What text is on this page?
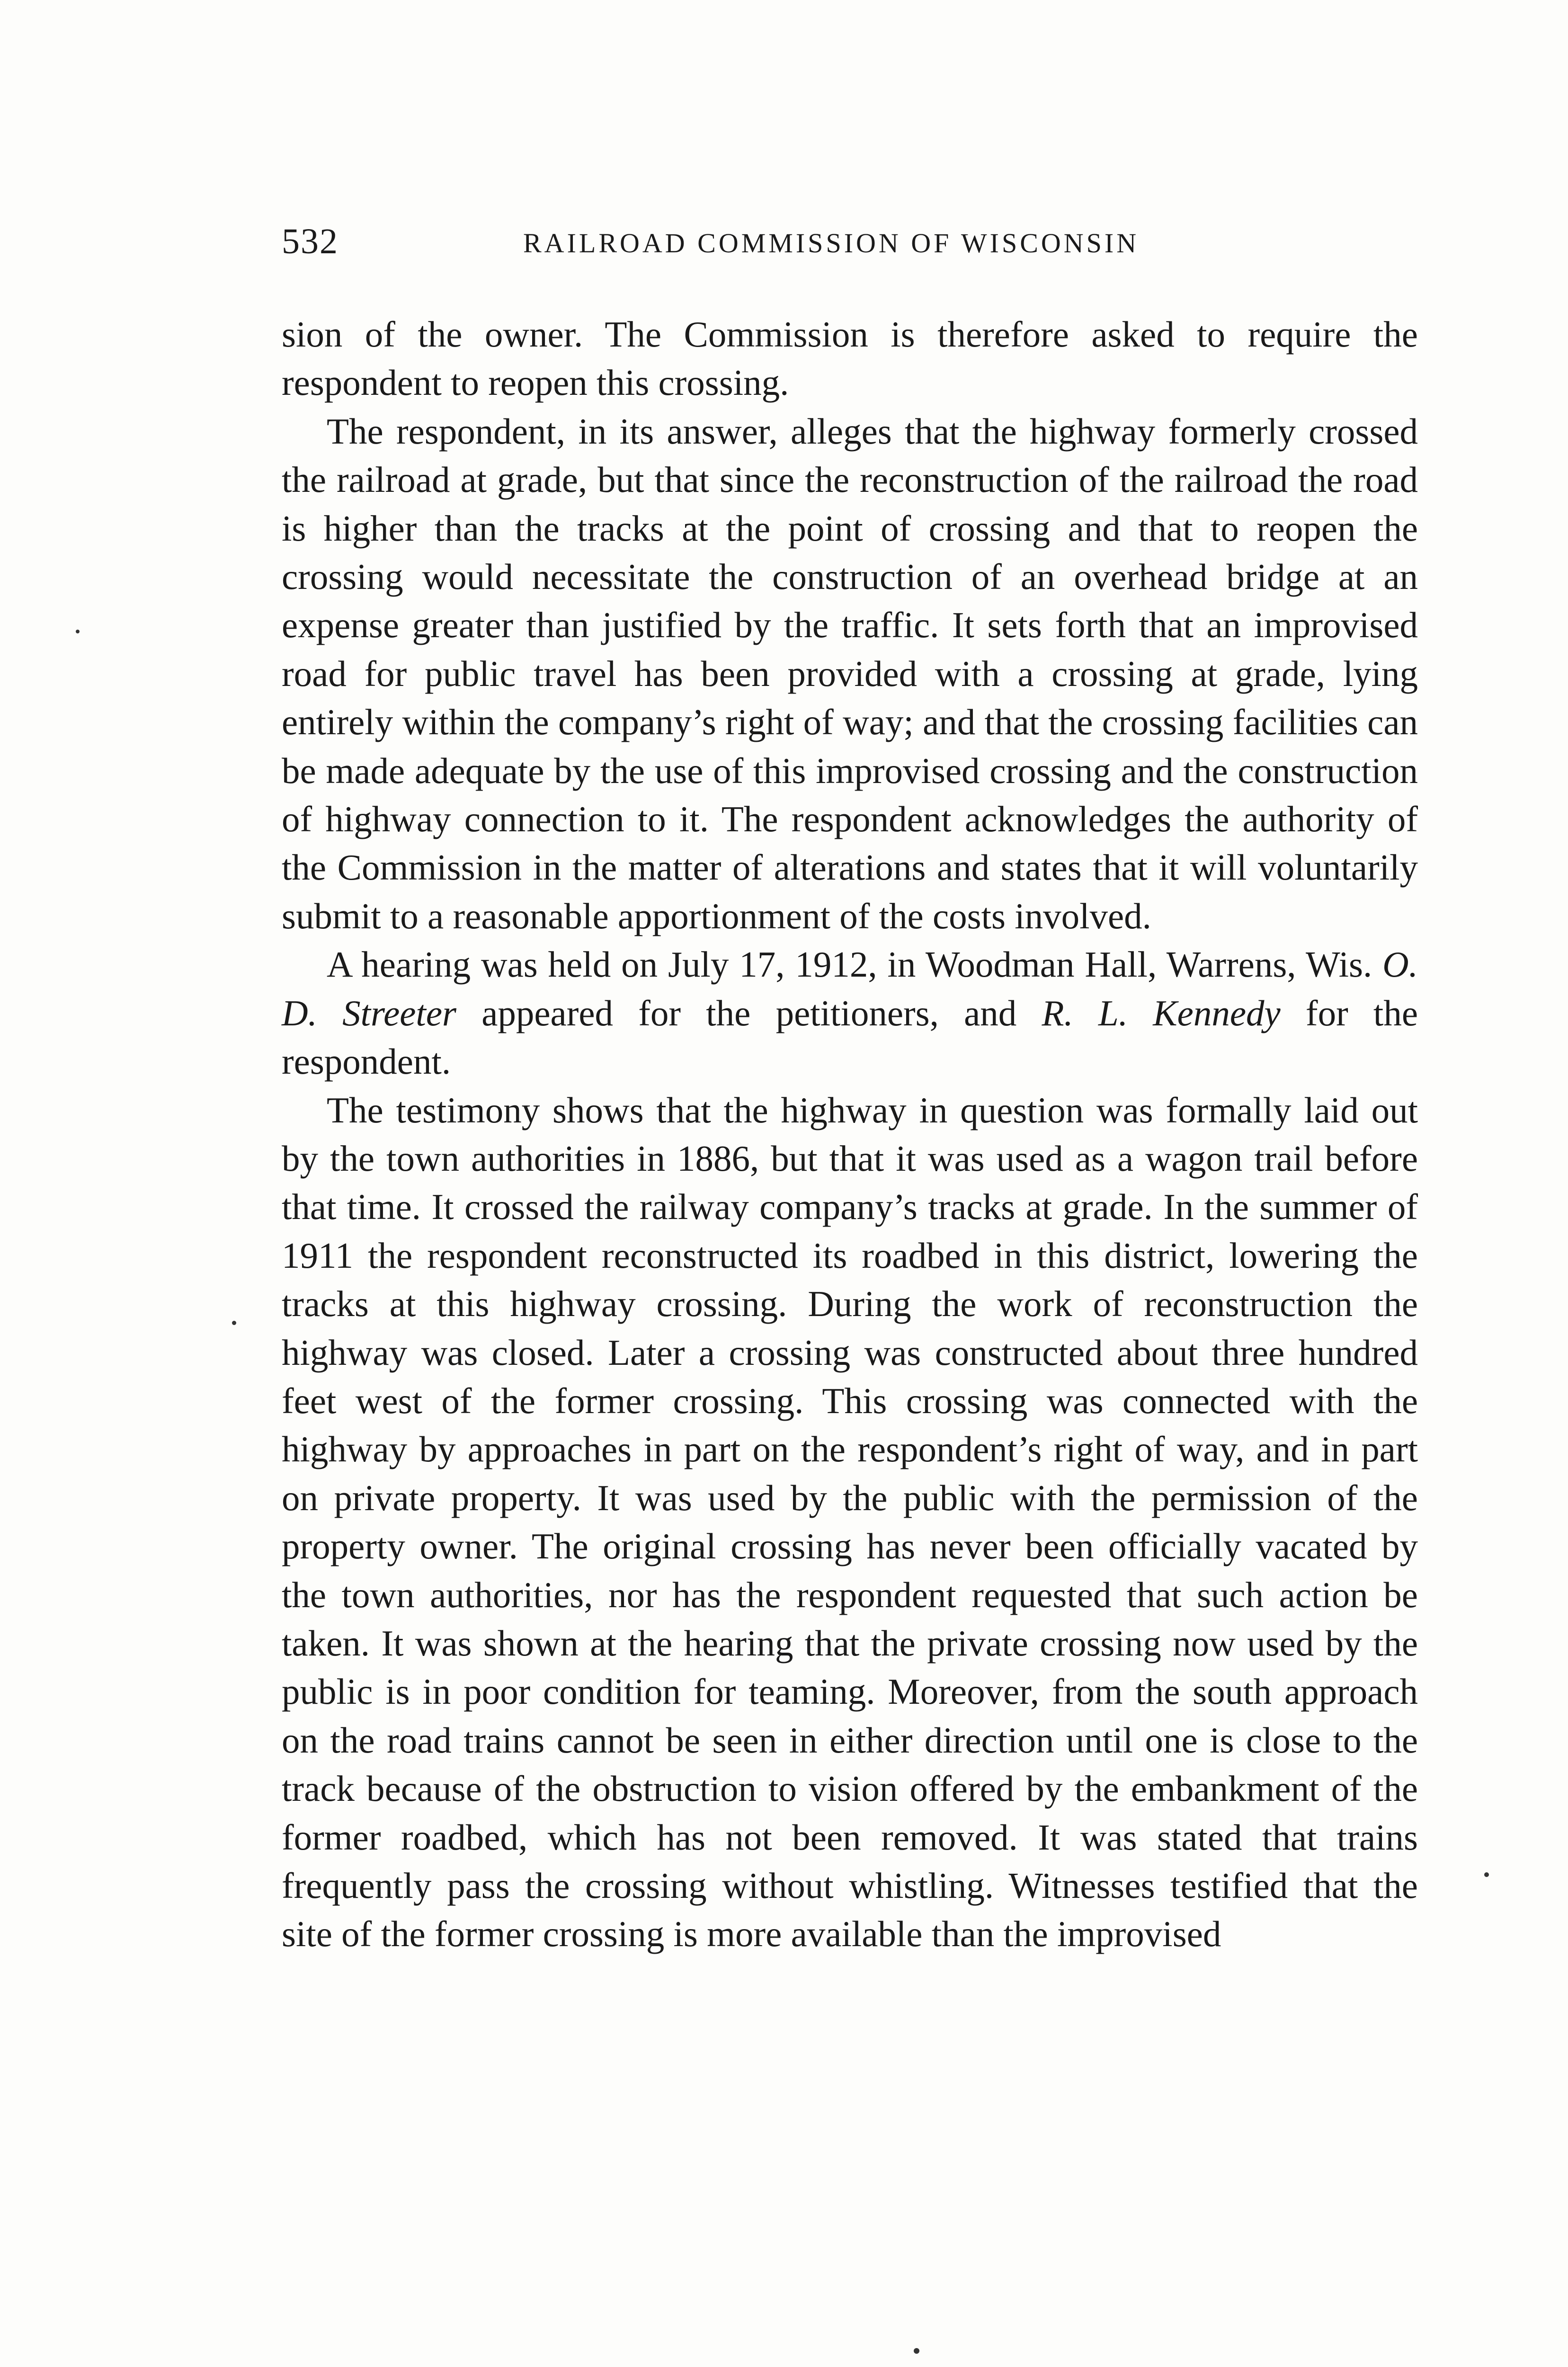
532	RAILROAD COMMISSION OF WISCONSIN

sion of the owner. The Commission is therefore asked to require the respondent to reopen this crossing.

The respondent, in its answer, alleges that the highway formerly crossed the railroad at grade, but that since the reconstruction of the railroad the road is higher than the tracks at the point of crossing and that to reopen the crossing would necessitate the construction of an overhead bridge at an expense greater than justified by the traffic. It sets forth that an improvised road for public travel has been provided with a crossing at grade, lying entirely within the company’s right of way; and that the crossing facilities can be made adequate by the use of this improvised crossing and the construction of highway connection to it. The respondent acknowledges the authority of the Commission in the matter of alterations and states that it will voluntarily submit to a reasonable apportionment of the costs involved.

A hearing was held on July 17, 1912, in Woodman Hall, Warrens, Wis. O. D. Streeter appeared for the petitioners, and R. L. Kennedy for the respondent.

The testimony shows that the highway in question was formally laid out by the town authorities in 1886, but that it was used as a wagon trail before that time. It crossed the railway company’s tracks at grade. In the summer of 1911 the respondent reconstructed its roadbed in this district, lowering the tracks at this highway crossing. During the work of reconstruction the highway was closed. Later a crossing was constructed about three hundred feet west of the former crossing. This crossing was connected with the highway by approaches in part on the respondent’s right of way, and in part on private property. It was used by the public with the permission of the property owner. The original crossing has never been officially vacated by the town authorities, nor has the respondent requested that such action be taken. It was shown at the hearing that the private crossing now used by the public is in poor condition for teaming. Moreover, from the south approach on the road trains cannot be seen in either direction until one is close to the track because of the obstruction to vision offered by the embankment of the former roadbed, which has not been removed. It was stated that trains frequently pass the crossing without whistling. Witnesses testified that the site of the former crossing is more available than the improvised
